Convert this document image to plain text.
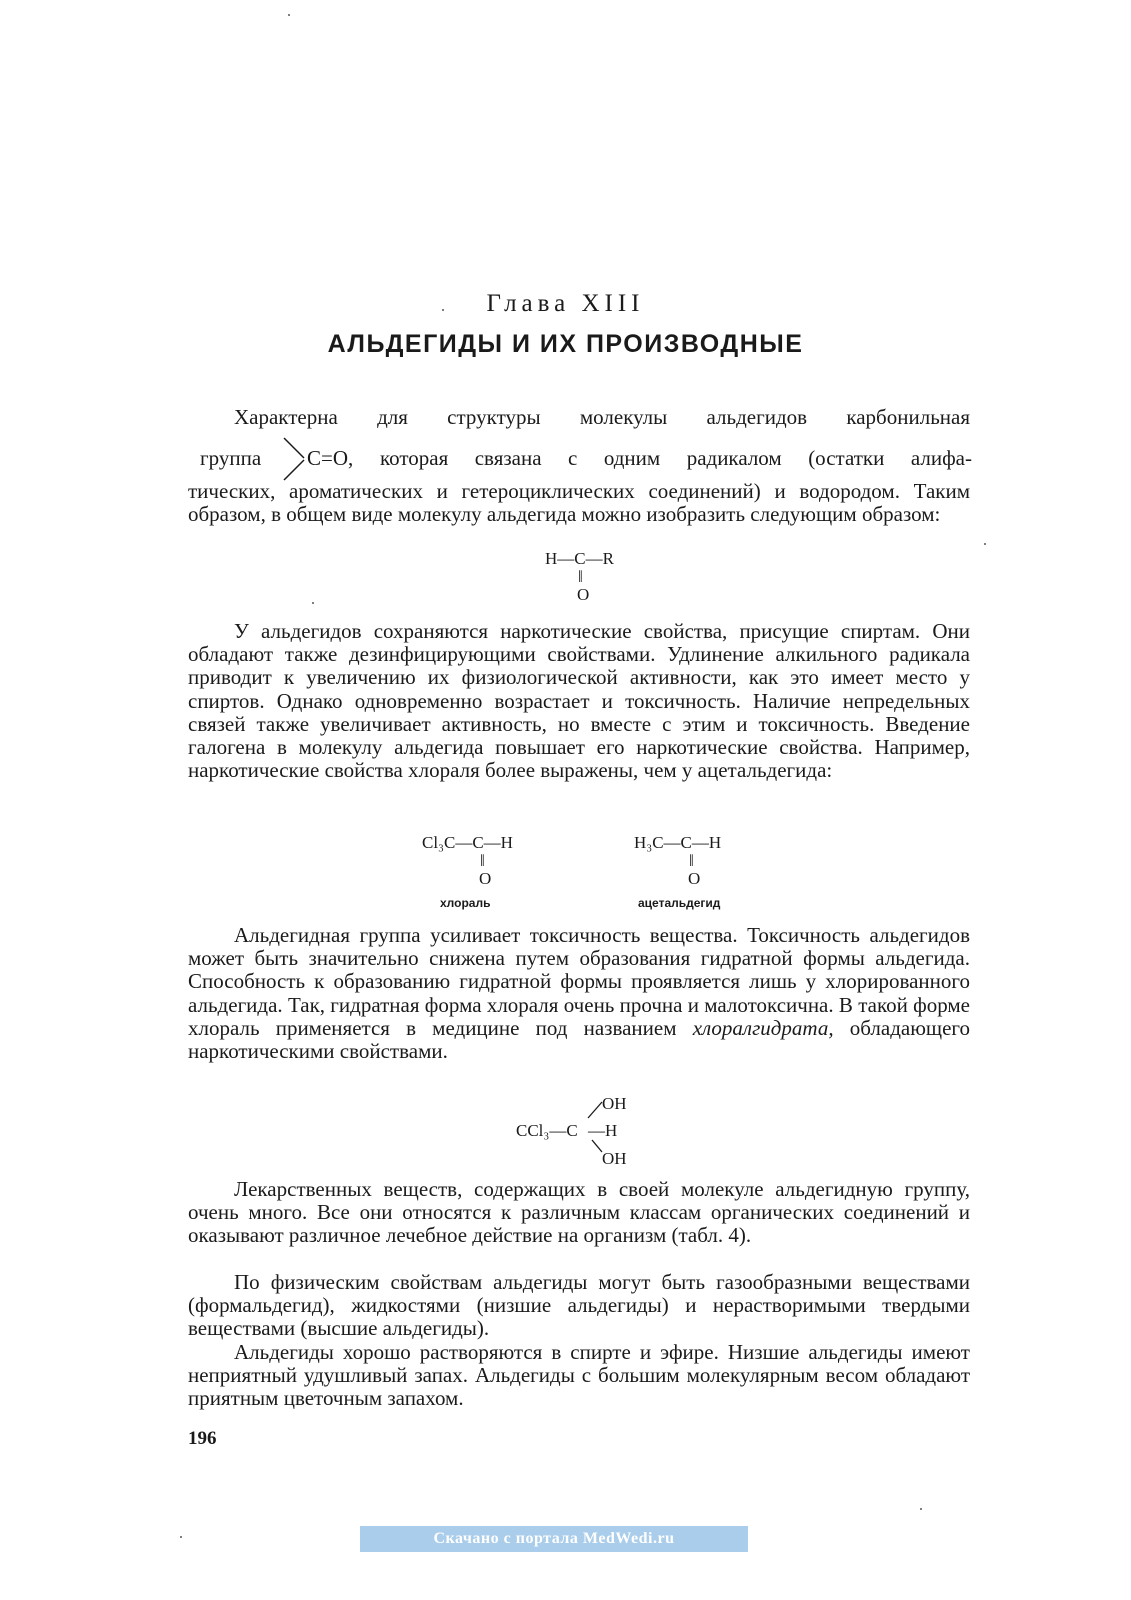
Глава XIII
АЛЬДЕГИДЫ И ИХ ПРОИЗВОДНЫЕ
Характерна для структуры молекулы альдегидов карбонильная
группа C=O, которая связана с одним радикалом (остатки алифа-

тических, ароматических и гетероциклических соединений) и водородом. Таким образом, в общем виде молекулу альдегида можно изобразить следующим образом:

H—C—R
‖
O

У альдегидов сохраняются наркотические свойства, присущие спиртам. Они обладают также дезинфицирующими свойствами. Удлинение алкильного радикала приводит к увеличению их физиологической активности, как это имеет место у спиртов. Однако одновременно возрастает и токсичность. Наличие непредельных связей также увеличивает активность, но вместе с этим и токсичность. Введение галогена в молекулу альдегида повышает его наркотические свойства. Например, наркотические свойства хлораля более выражены, чем у ацетальдегида:

Cl₃C—C—H
‖
O
хлораль
H₃C—C—H
‖
O
ацетальдегид

Альдегидная группа усиливает токсичность вещества. Токсичность альдегидов может быть значительно снижена путем образования гидратной формы альдегида. Способность к образованию гидратной формы проявляется лишь у хлорированного альдегида. Так, гидратная форма хлораля очень прочна и малотоксична. В такой форме хлораль применяется в медицине под названием хлоралгидрата, обладающего наркотическими свойствами.

OH
CCl₃—C —H
OH

Лекарственных веществ, содержащих в своей молекуле альдегидную группу, очень много. Все они относятся к различным классам органических соединений и оказывают различное лечебное действие на организм (табл. 4).

По физическим свойствам альдегиды могут быть газообразными веществами (формальдегид), жидкостями (низшие альдегиды) и нерастворимыми твердыми веществами (высшие альдегиды).

Альдегиды хорошо растворяются в спирте и эфире. Низшие альдегиды имеют неприятный удушливый запах. Альдегиды с большим молекулярным весом обладают приятным цветочным запахом.

196
Скачано с портала MedWedi.ru
